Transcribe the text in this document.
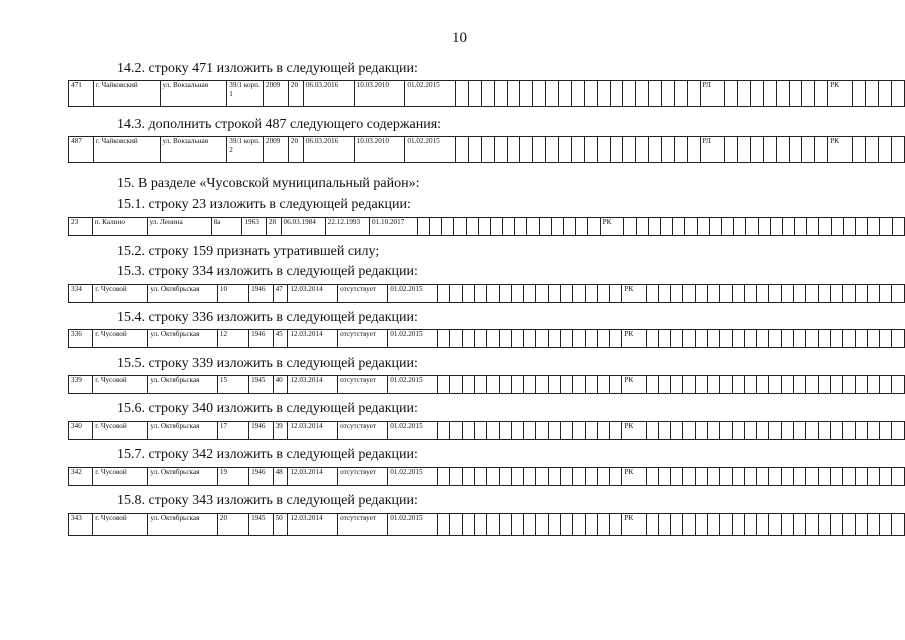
10
14.2. строку 471 изложить в следующей редакции:
471	г. Чайковский	ул. Вокзальная	39/1 корп. 1	2009	20	06.03.2016	10.03.2010	01.02.2015																				РЛ									РК				
14.3. дополнить строкой 487 следующего содержания:
487	г. Чайковский	ул. Вокзальная	39/1 корп. 2	2009	20	06.03.2016	10.03.2010	01.02.2015																				РЛ									РК				
15. В разделе «Чусовской муниципальный район»:
15.1. строку 23 изложить в следующей редакции:
23	п. Калино	ул. Ленина	8а	1963	28	06.03.1984	22.12.1993	01.10.2017																РК																							
15.2. строку 159 признать утратившей силу;
15.3. строку 334 изложить в следующей редакции:
334	г. Чусовой	ул. Октябрьская	10	1946	47	12.03.2014	отсутствует	01.02.2015																РК																					
15.4. строку 336 изложить в следующей редакции:
336	г. Чусовой	ул. Октябрьская	12	1946	45	12.03.2014	отсутствует	01.02.2015																РК																					
15.5. строку 339 изложить в следующей редакции:
339	г. Чусовой	ул. Октябрьская	15	1945	40	12.03.2014	отсутствует	01.02.2015																РК																					
15.6. строку 340 изложить в следующей редакции:
340	г. Чусовой	ул. Октябрьская	17	1946	39	12.03.2014	отсутствует	01.02.2015																РК																					
15.7. строку 342 изложить в следующей редакции:
342	г. Чусовой	ул. Октябрьская	19	1946	48	12.03.2014	отсутствует	01.02.2015																РК																					
15.8. строку 343 изложить в следующей редакции:
343	г. Чусовой	ул. Октябрьская	20	1945	50	12.03.2014	отсутствует	01.02.2015																РК																					
